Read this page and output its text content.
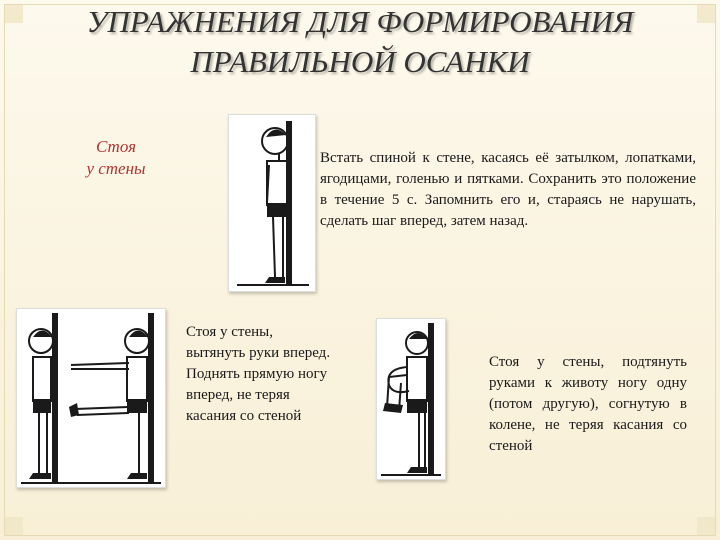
УПРАЖНЕНИЯ ДЛЯ ФОРМИРОВАНИЯ
ПРАВИЛЬНОЙ ОСАНКИ
Стоя
у стены

Встать спиной к стене, касаясь её затылком, лопатками, ягодицами, голенью и пятками. Сохранить это положение в течение 5 с. Запомнить его и, стараясь не нарушать, сделать шаг вперед, затем назад.

Стоя у стены, вытянуть руки вперед. Поднять прямую ногу вперед, не теряя касания со стеной

Стоя у стены, подтянуть руками к животу ногу одну (потом другую), согнутую в колене, не теряя касания со стеной
